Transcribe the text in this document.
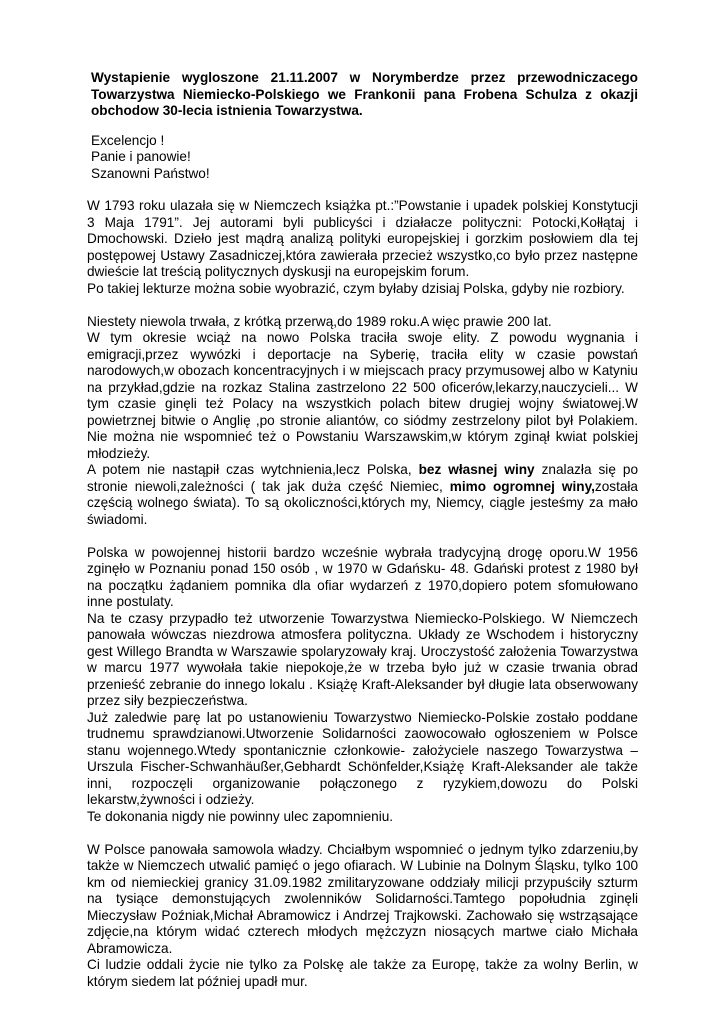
Wystapienie wygloszone 21.11.2007 w Norymberdze przez przewodniczacego Towarzystwa Niemiecko-Polskiego we Frankonii pana Frobena Schulza z okazji obchodow 30-lecia istnienia Towarzystwa.

Excelencjo !
Panie i panowie!
Szanowni Państwo!

W 1793 roku ulazała się w Niemczech książka pt.:”Powstanie i upadek polskiej Konstytucji 3 Maja 1791”. Jej autorami byli publicyści i działacze polityczni: Potocki,Kołłątaj i Dmochowski. Dzieło jest mądrą analizą polityki europejskiej i gorzkim posłowiem dla tej postępowej Ustawy Zasadniczej,która zawierała przecież wszystko,co było przez następne dwieście lat treścią politycznych dyskusji na europejskim forum.

Po takiej lekturze można sobie wyobrazić, czym byłaby dzisiaj Polska, gdyby nie rozbiory.

Niestety niewola trwała, z krótką przerwą,do 1989 roku.A więc prawie 200 lat.

W tym okresie wciąż na nowo Polska traciła swoje elity. Z powodu wygnania i emigracji,przez wywózki i deportacje na Syberię, traciła elity w czasie powstań narodowych,w obozach koncentracyjnych i w miejscach pracy przymusowej albo w Katyniu na przykład,gdzie na rozkaz Stalina zastrzelono 22 500 oficerów,lekarzy,nauczycieli... W tym czasie ginęli też Polacy na wszystkich polach bitew drugiej wojny światowej.W powietrznej bitwie o Anglię ,po stronie aliantów, co siódmy zestrzelony pilot był Polakiem. Nie można nie wspomnieć też o Powstaniu Warszawskim,w którym zginął kwiat polskiej młodzieży.

A potem nie nastąpił czas wytchnienia,lecz Polska, bez własnej winy znalazła się po stronie niewoli,zależności ( tak jak duża część Niemiec, mimo ogromnej winy,została częścią wolnego świata). To są okoliczności,których my, Niemcy, ciągle jesteśmy za mało świadomi.

Polska w powojennej historii bardzo wcześnie wybrała tradycyjną drogę oporu.W 1956 zginęło w Poznaniu ponad 150 osób , w 1970 w Gdańsku- 48. Gdański protest z 1980 był na początku żądaniem pomnika dla ofiar wydarzeń z 1970,dopiero potem sfomułowano inne postulaty.

Na te czasy przypadło też utworzenie Towarzystwa Niemiecko-Polskiego. W Niemczech panowała wówczas niezdrowa atmosfera polityczna. Układy ze Wschodem i historyczny gest Willego Brandta w Warszawie spolaryzowały kraj. Uroczystość założenia Towarzystwa w marcu 1977 wywołała takie niepokoje,że w trzeba było już w czasie trwania obrad przenieść zebranie do innego lokalu . Książę Kraft-Aleksander był długie lata obserwowany przez siły bezpieczeństwa.

Już zaledwie parę lat po ustanowieniu Towarzystwo Niemiecko-Polskie zostało poddane trudnemu sprawdzianowi.Utworzenie Solidarności zaowocowało ogłoszeniem w Polsce stanu wojennego.Wtedy spontanicznie członkowie- założyciele naszego Towarzystwa – Urszula Fischer-Schwanhäußer,Gebhardt Schönfelder,Książę Kraft-Aleksander ale także inni, rozpoczęli organizowanie połączonego z ryzykiem,dowozu do Polski lekarstw,żywności i odzieży.

Te dokonania nigdy nie powinny ulec zapomnieniu.

W Polsce panowała samowola władzy. Chciałbym wspomnieć o jednym tylko zdarzeniu,by także w Niemczech utwalić pamięć o jego ofiarach. W Lubinie na Dolnym Śląsku, tylko 100 km od niemieckiej granicy 31.09.1982 zmilitaryzowane oddziały milicji przypuściły szturm na tysiące demonstujących zwolenników Solidarności.Tamtego popołudnia zginęli Mieczysław Poźniak,Michał Abramowicz i Andrzej Trajkowski. Zachowało się wstrząsające zdjęcie,na którym widać czterech młodych mężczyzn niosących martwe ciało Michała Abramowicza.

Ci ludzie oddali życie nie tylko za Polskę ale także za Europę, także za wolny Berlin, w którym siedem lat później upadł mur.
